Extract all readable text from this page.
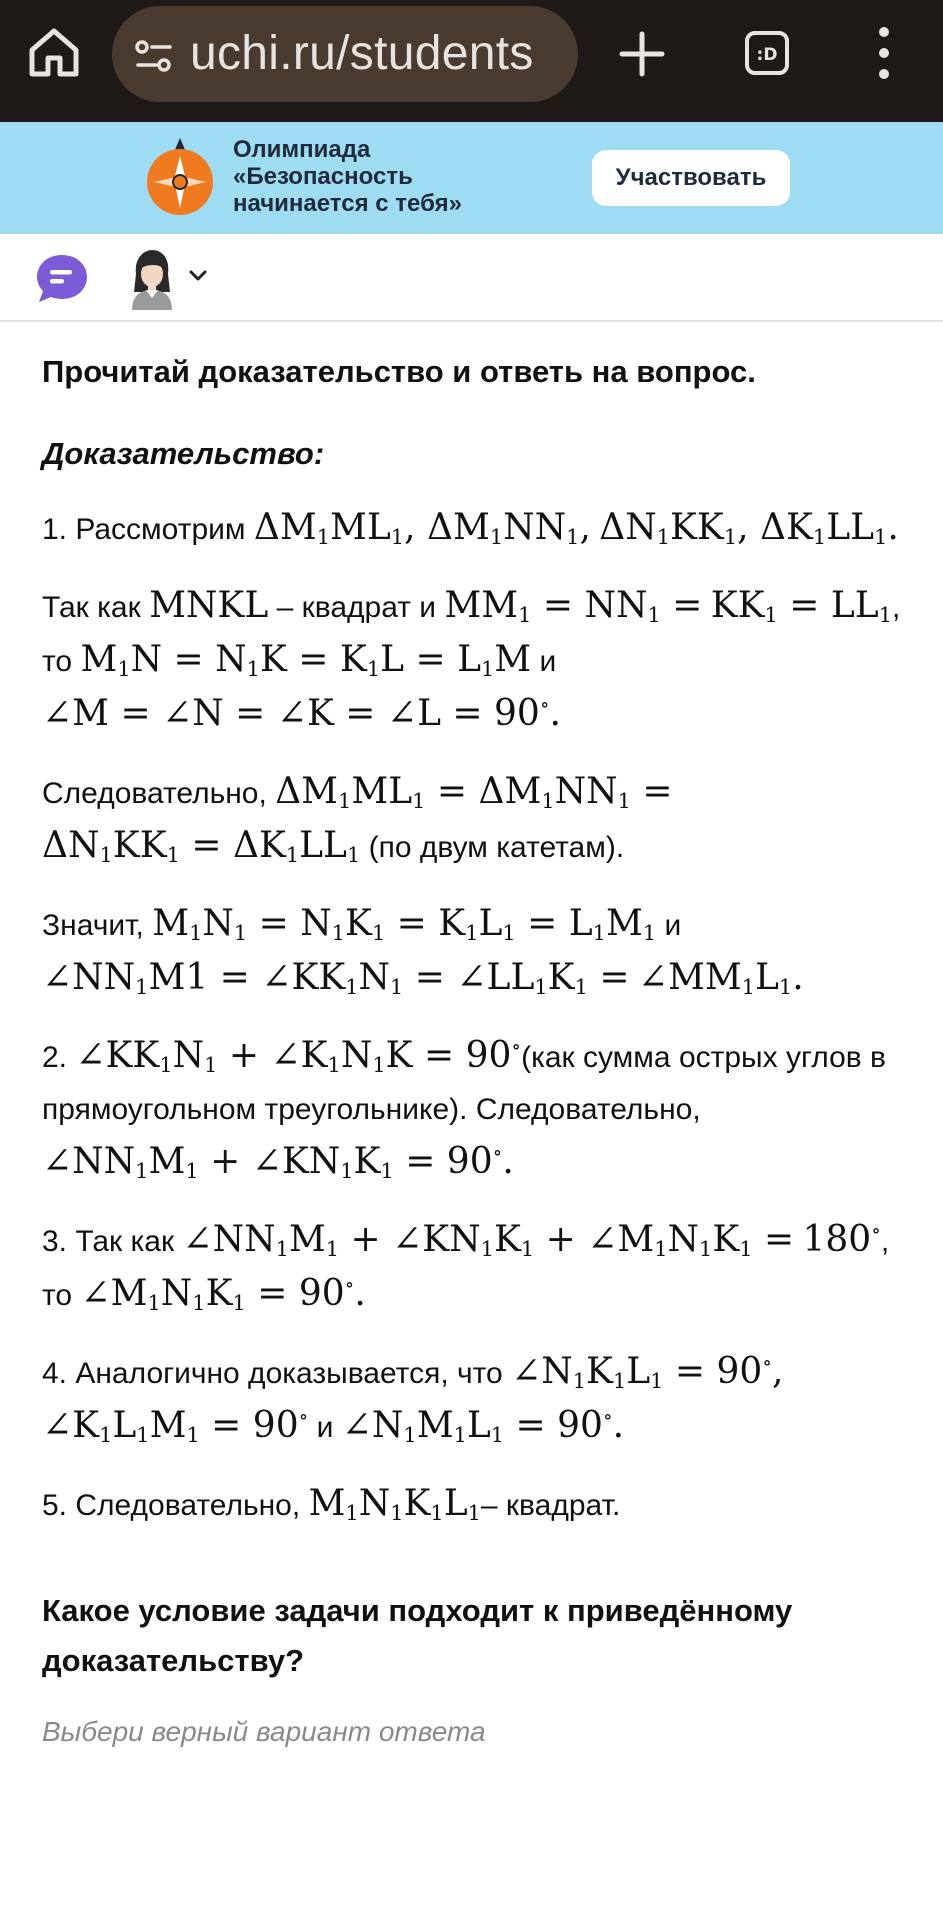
uchi.ru/students	:D
Олимпиада
«Безопасность
начинается с тебя»
Участвовать
Прочитай доказательство и ответь на вопрос.
Доказательство:
1. Рассмотрим $\Delta M_1ML_1$, $\Delta M_1NN_1$, $\Delta N_1KK_1$, $\Delta K_1LL_1$.
Так как MNKL – квадрат и $MM_1 = NN_1 = KK_1 = LL_1$, то $M_1N = N_1K = K_1L = L_1M$ и ∠M = ∠N = ∠K = ∠L = 90∘.
Следовательно, $\Delta M_1ML_1 = \Delta M_1NN_1 = \Delta N_1KK_1 = \Delta K_1LL_1$ (по двум катетам).
Значит, $M_1N_1 = N_1K_1 = K_1L_1 = L_1M_1$ и $\angle NN_1M1$ = $\angle KK_1N_1$ = $\angle LL_1K_1$ = $\angle MM_1L_1$.
2. $\angle KK_1N_1$ + $\angle K_1N_1K = 90^\circ(как$ сумма острых углов в прямоугольном треугольнике). Следовательно, $\angle NN_1M_1$ + $\angle KN_1K_1 = 90^\circ$.
3. Так как $\angle NN_1M_1$ + $\angle KN_1K_1$ + $\angle M_1N_1K_1 = 180^\circ$, то $\angle M_1N_1K_1 = 90^\circ$.
4. Аналогично доказывается, что $\angle N_1K_1L_1 = 90^\circ$, $\angle K_1L_1M_1 = 90^\circ$ и $\angle N_1M_1L_1 = 90^\circ$.
5. Следовательно, $M_1N_1K_1L_1-$ квадрат.
Какое условие задачи подходит к приведённому доказательству?
Выбери верный вариант ответа
